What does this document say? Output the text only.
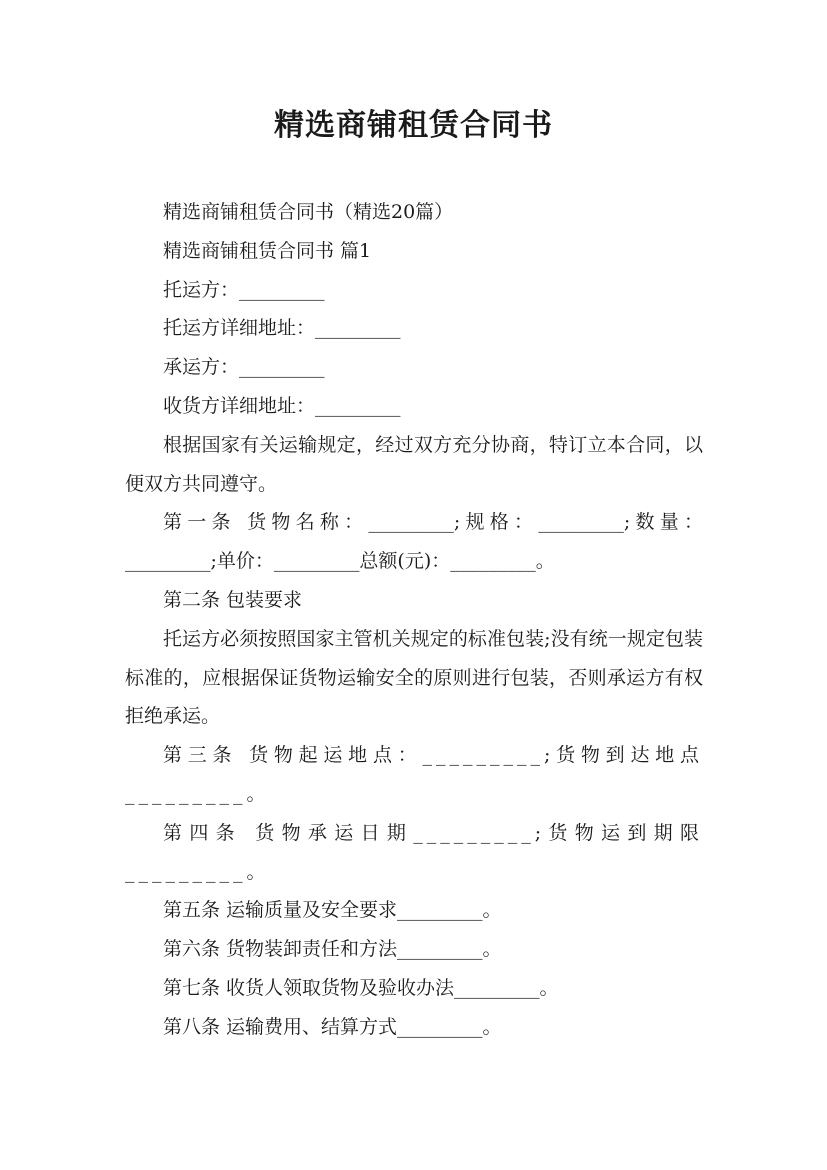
精选商铺租赁合同书

精选商铺租赁合同书（精选20篇）

精选商铺租赁合同书 篇1

托运方：_________

托运方详细地址：_________

承运方：_________

收货方详细地址：_________

根据国家有关运输规定，经过双方充分协商，特订立本合同，以便双方共同遵守。

第一条 货物名称：_________;规格：_________;数量：_________;单价：_________总额(元)：_________。

第二条 包装要求

托运方必须按照国家主管机关规定的标准包装;没有统一规定包装标准的，应根据保证货物运输安全的原则进行包装，否则承运方有权拒绝承运。

第三条 货物起运地点：_________;货物到达地点_________。

第四条 货物承运日期_________;货物运到期限_________。

第五条 运输质量及安全要求_________。

第六条 货物装卸责任和方法_________。

第七条 收货人领取货物及验收办法_________。

第八条 运输费用、结算方式_________。
